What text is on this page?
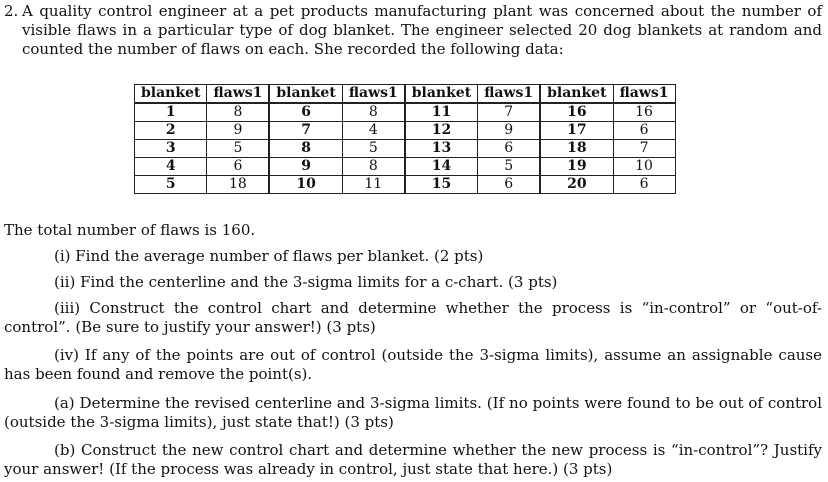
2. A quality control engineer at a pet products manufacturing plant was concerned about the number of visible flaws in a particular type of dog blanket. The engineer selected 20 dog blankets at random and counted the number of flaws on each. She recorded the following data:
blanket	flaws1	blanket	flaws1	blanket	flaws1	blanket	flaws1
1	8	6	8	11	7	16	16
2	9	7	4	12	9	17	6
3	5	8	5	13	6	18	7
4	6	9	8	14	5	19	10
5	18	10	11	15	6	20	6
The total number of flaws is 160.
(i) Find the average number of flaws per blanket. (2 pts)
(ii) Find the centerline and the 3-sigma limits for a c-chart. (3 pts)
(iii) Construct the control chart and determine whether the process is “in-control” or “out-of-control”. (Be sure to justify your answer!) (3 pts)
(iv) If any of the points are out of control (outside the 3-sigma limits), assume an assignable cause has been found and remove the point(s).
(a) Determine the revised centerline and 3-sigma limits. (If no points were found to be out of control (outside the 3-sigma limits), just state that!) (3 pts)
(b) Construct the new control chart and determine whether the new process is “in-control”? Justify your answer! (If the process was already in control, just state that here.) (3 pts)
